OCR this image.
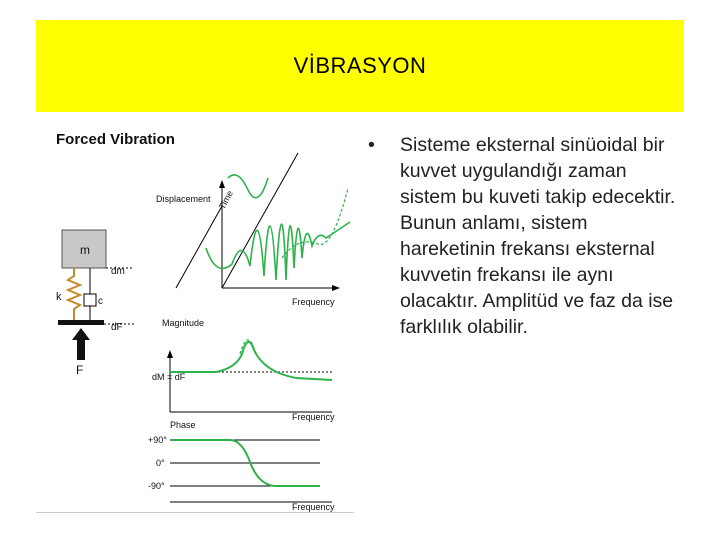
VİBRASYON
Forced Vibration
m
dm
k	c
dF
F
Displacement Time
Frequency
Magnitude
dM = dF
Frequency
Phase
+90°
0°
-90°
Frequency
• Sisteme eksternal sinüoidal bir kuvvet uygulandığı zaman sistem bu kuveti takip edecektir. Bunun anlamı, sistem hareketinin frekansı eksternal kuvvetin frekansı ile aynı olacaktır. Amplitüd ve faz da ise farklılık olabilir.
